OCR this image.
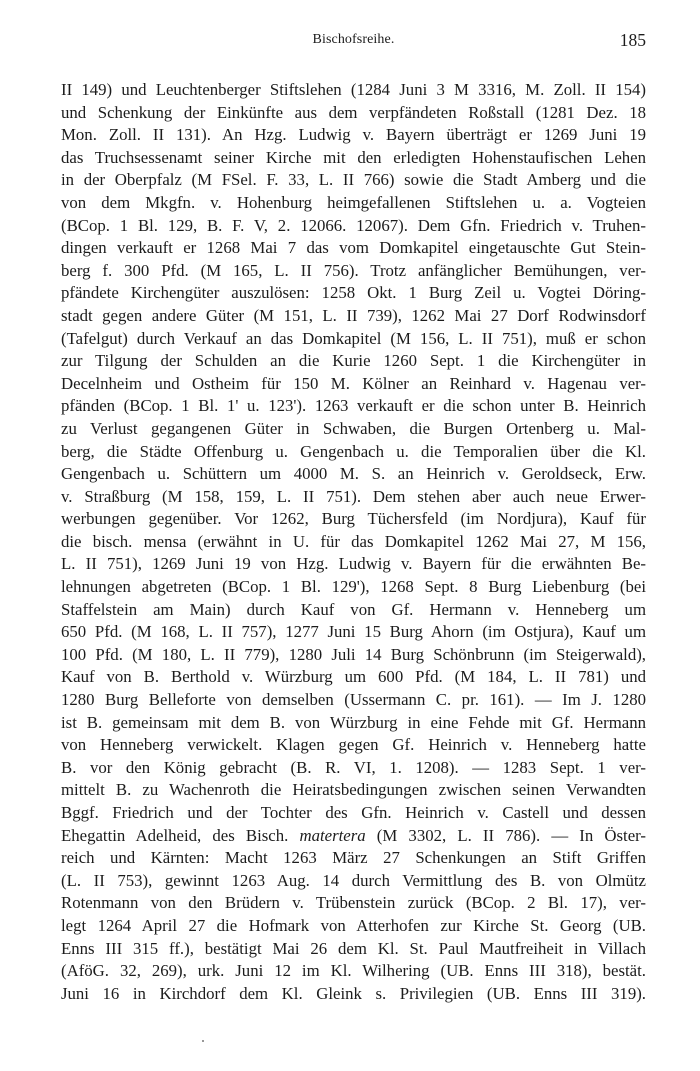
Bischofsreihe.	185
II 149) und Leuchtenberger Stiftslehen (1284 Juni 3 M 3316, M. Zoll. II 154)
und Schenkung der Einkünfte aus dem verpfändeten Roßstall (1281 Dez. 18
Mon. Zoll. II 131). An Hzg. Ludwig v. Bayern überträgt er 1269 Juni 19
das Truchsessenamt seiner Kirche mit den erledigten Hohenstaufischen Lehen
in der Oberpfalz (M FSel. F. 33, L. II 766) sowie die Stadt Amberg und die
von dem Mkgfn. v. Hohenburg heimgefallenen Stiftslehen u. a. Vogteien
(BCop. 1 Bl. 129, B. F. V, 2. 12066. 12067). Dem Gfn. Friedrich v. Truhen-
dingen verkauft er 1268 Mai 7 das vom Domkapitel eingetauschte Gut Stein-
berg f. 300 Pfd. (M 165, L. II 756). Trotz anfänglicher Bemühungen, ver-
pfändete Kirchengüter auszulösen: 1258 Okt. 1 Burg Zeil u. Vogtei Döring-
stadt gegen andere Güter (M 151, L. II 739), 1262 Mai 27 Dorf Rodwinsdorf
(Tafelgut) durch Verkauf an das Domkapitel (M 156, L. II 751), muß er schon
zur Tilgung der Schulden an die Kurie 1260 Sept. 1 die Kirchengüter in
Decelnheim und Ostheim für 150 M. Kölner an Reinhard v. Hagenau ver-
pfänden (BCop. 1 Bl. 1' u. 123'). 1263 verkauft er die schon unter B. Heinrich
zu Verlust gegangenen Güter in Schwaben, die Burgen Ortenberg u. Mal-
berg, die Städte Offenburg u. Gengenbach u. die Temporalien über die Kl.
Gengenbach u. Schüttern um 4000 M. S. an Heinrich v. Geroldseck, Erw.
v. Straßburg (M 158, 159, L. II 751). Dem stehen aber auch neue Erwer-
werbungen gegenüber. Vor 1262, Burg Tüchersfeld (im Nordjura), Kauf für
die bisch. mensa (erwähnt in U. für das Domkapitel 1262 Mai 27, M 156,
L. II 751), 1269 Juni 19 von Hzg. Ludwig v. Bayern für die erwähnten Be-
lehnungen abgetreten (BCop. 1 Bl. 129'), 1268 Sept. 8 Burg Liebenburg (bei
Staffelstein am Main) durch Kauf von Gf. Hermann v. Henneberg um
650 Pfd. (M 168, L. II 757), 1277 Juni 15 Burg Ahorn (im Ostjura), Kauf um
100 Pfd. (M 180, L. II 779), 1280 Juli 14 Burg Schönbrunn (im Steigerwald),
Kauf von B. Berthold v. Würzburg um 600 Pfd. (M 184, L. II 781) und
1280 Burg Belleforte von demselben (Ussermann C. pr. 161). — Im J. 1280
ist B. gemeinsam mit dem B. von Würzburg in eine Fehde mit Gf. Hermann
von Henneberg verwickelt. Klagen gegen Gf. Heinrich v. Henneberg hatte
B. vor den König gebracht (B. R. VI, 1. 1208). — 1283 Sept. 1 ver-
mittelt B. zu Wachenroth die Heiratsbedingungen zwischen seinen Verwandten
Bggf. Friedrich und der Tochter des Gfn. Heinrich v. Castell und dessen
Ehegattin Adelheid, des Bisch. matertera (M 3302, L. II 786). — In Öster-
reich und Kärnten: Macht 1263 März 27 Schenkungen an Stift Griffen
(L. II 753), gewinnt 1263 Aug. 14 durch Vermittlung des B. von Olmütz
Rotenmann von den Brüdern v. Trübenstein zurück (BCop. 2 Bl. 17), ver-
legt 1264 April 27 die Hofmark von Atterhofen zur Kirche St. Georg (UB.
Enns III 315 ff.), bestätigt Mai 26 dem Kl. St. Paul Mautfreiheit in Villach
(AföG. 32, 269), urk. Juni 12 im Kl. Wilhering (UB. Enns III 318), bestät.
Juni 16 in Kirchdorf dem Kl. Gleink s. Privilegien (UB. Enns III 319).
